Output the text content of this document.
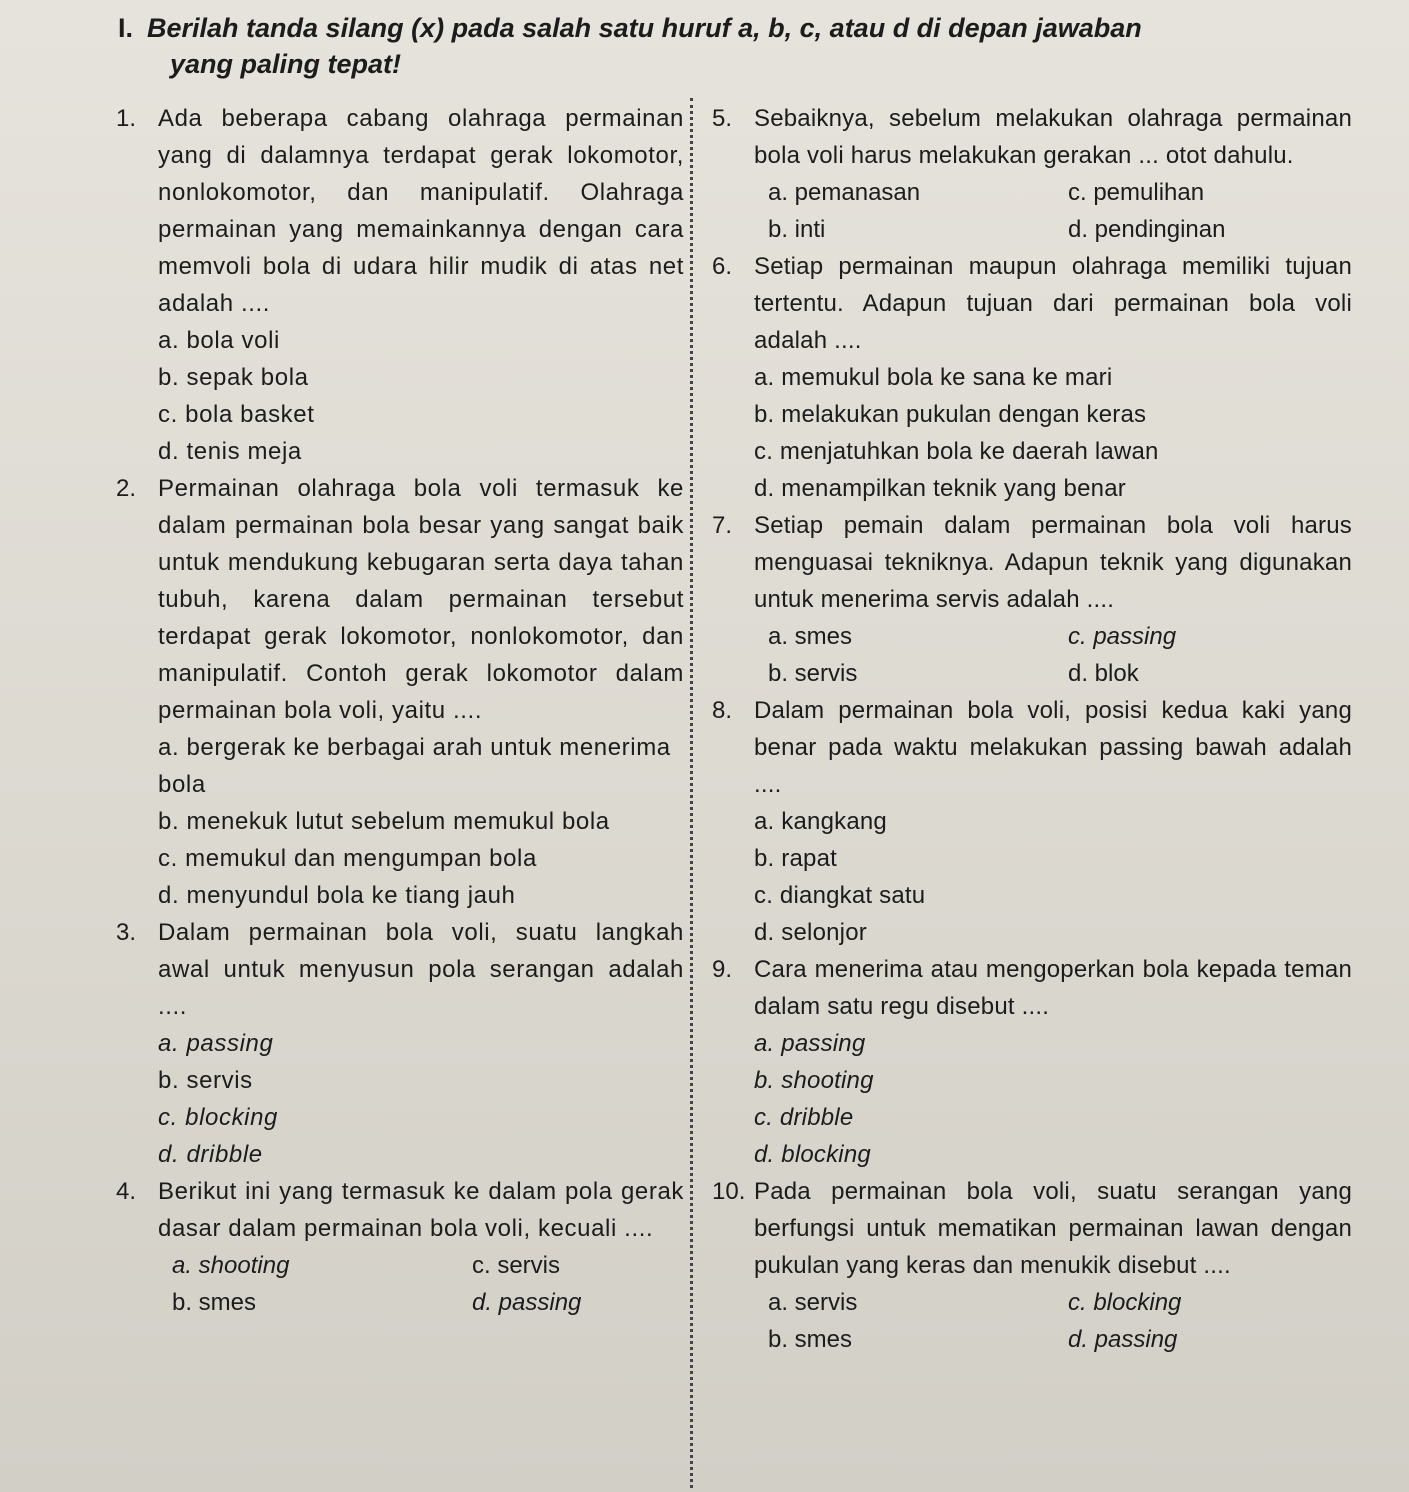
I. Berilah tanda silang (x) pada salah satu huruf a, b, c, atau d di depan jawaban
yang paling tepat!

1. Ada beberapa cabang olahraga permainan yang di dalamnya terdapat gerak lokomotor, nonlokomotor, dan manipulatif. Olahraga permainan yang memainkannya dengan cara memvoli bola di udara hilir mudik di atas net adalah ....
a. bola voli
b. sepak bola
c. bola basket
d. tenis meja
2. Permainan olahraga bola voli termasuk ke dalam permainan bola besar yang sangat baik untuk mendukung kebugaran serta daya tahan tubuh, karena dalam permainan tersebut terdapat gerak lokomotor, nonlokomotor, dan manipulatif. Contoh gerak lokomotor dalam permainan bola voli, yaitu ....
a. bergerak ke berbagai arah untuk menerima bola
b. menekuk lutut sebelum memukul bola
c. memukul dan mengumpan bola
d. menyundul bola ke tiang jauh
3. Dalam permainan bola voli, suatu langkah awal untuk menyusun pola serangan adalah ....
a. passing
b. servis
c. blocking
d. dribble
4. Berikut ini yang termasuk ke dalam pola gerak dasar dalam permainan bola voli, kecuali ....
a. shooting	c. servis
b. smes	d. passing
5. Sebaiknya, sebelum melakukan olahraga permainan bola voli harus melakukan gerakan ... otot dahulu.
a. pemanasan	c. pemulihan
b. inti	d. pendinginan
6. Setiap permainan maupun olahraga memiliki tujuan tertentu. Adapun tujuan dari permainan bola voli adalah ....
a. memukul bola ke sana ke mari
b. melakukan pukulan dengan keras
c. menjatuhkan bola ke daerah lawan
d. menampilkan teknik yang benar
7. Setiap pemain dalam permainan bola voli harus menguasai tekniknya. Adapun teknik yang digunakan untuk menerima servis adalah ....
a. smes	c. passing
b. servis	d. blok
8. Dalam permainan bola voli, posisi kedua kaki yang benar pada waktu melakukan passing bawah adalah ....
a. kangkang
b. rapat
c. diangkat satu
d. selonjor
9. Cara menerima atau mengoperkan bola kepada teman dalam satu regu disebut ....
a. passing
b. shooting
c. dribble
d. blocking
10. Pada permainan bola voli, suatu serangan yang berfungsi untuk mematikan permainan lawan dengan pukulan yang keras dan menukik disebut ....
a. servis	c. blocking
b. smes	d. passing
